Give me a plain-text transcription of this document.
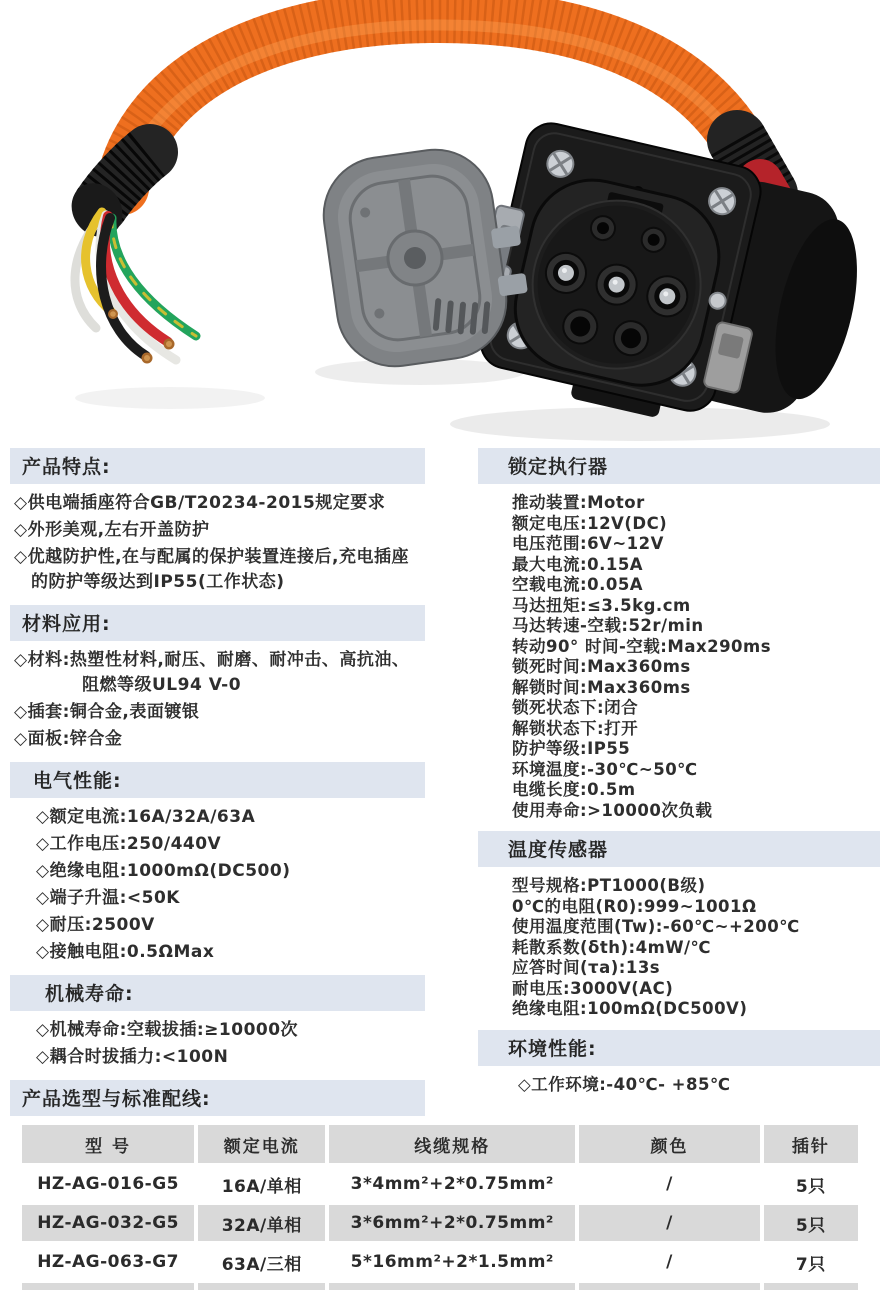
产品特点:
◇供电端插座符合GB/T20234-2015规定要求
◇外形美观,左右开盖防护
◇优越防护性,在与配属的保护装置连接后,充电插座的防护等级达到IP55(工作状态)
材料应用:
◇材料:热塑性材料,耐压、耐磨、耐冲击、高抗油、阻燃等级UL94 V-0
◇插套:铜合金,表面镀银
◇面板:锌合金
电气性能:
◇额定电流:16A/32A/63A
◇工作电压:250/440V
◇绝缘电阻:1000mΩ(DC500)
◇端子升温:<50K
◇耐压:2500V
◇接触电阻:0.5ΩMax
机械寿命:
◇机械寿命:空载拔插:≥10000次
◇耦合时拔插力:<100N
产品选型与标准配线:
锁定执行器
推动装置:Motor
额定电压:12V(DC)
电压范围:6V~12V
最大电流:0.15A
空载电流:0.05A
马达扭矩:≤3.5kg.cm
马达转速-空载:52r/min
转动90° 时间-空载:Max290ms
锁死时间:Max360ms
解锁时间:Max360ms
锁死状态下:闭合
解锁状态下:打开
防护等级:IP55
环境温度:-30℃~50℃
电缆长度:0.5m
使用寿命:>10000次负载
温度传感器
型号规格:PT1000(B级)
0℃的电阻(R0):999~1001Ω
使用温度范围(Tw):-60℃~+200℃
耗散系数(δth):4mW/℃
应答时间(τa):13s
耐电压:3000V(AC)
绝缘电阻:100mΩ(DC500V)
环境性能:
◇工作环境:-40℃- +85℃
型 号	额定电流	线缆规格	颜色	插针
HZ-AG-016-G5	16A/单相	3*4mm²+2*0.75mm²	/	5只
HZ-AG-032-G5	32A/单相	3*6mm²+2*0.75mm²	/	5只
HZ-AG-063-G7	63A/三相	5*16mm²+2*1.5mm²	/	7只
